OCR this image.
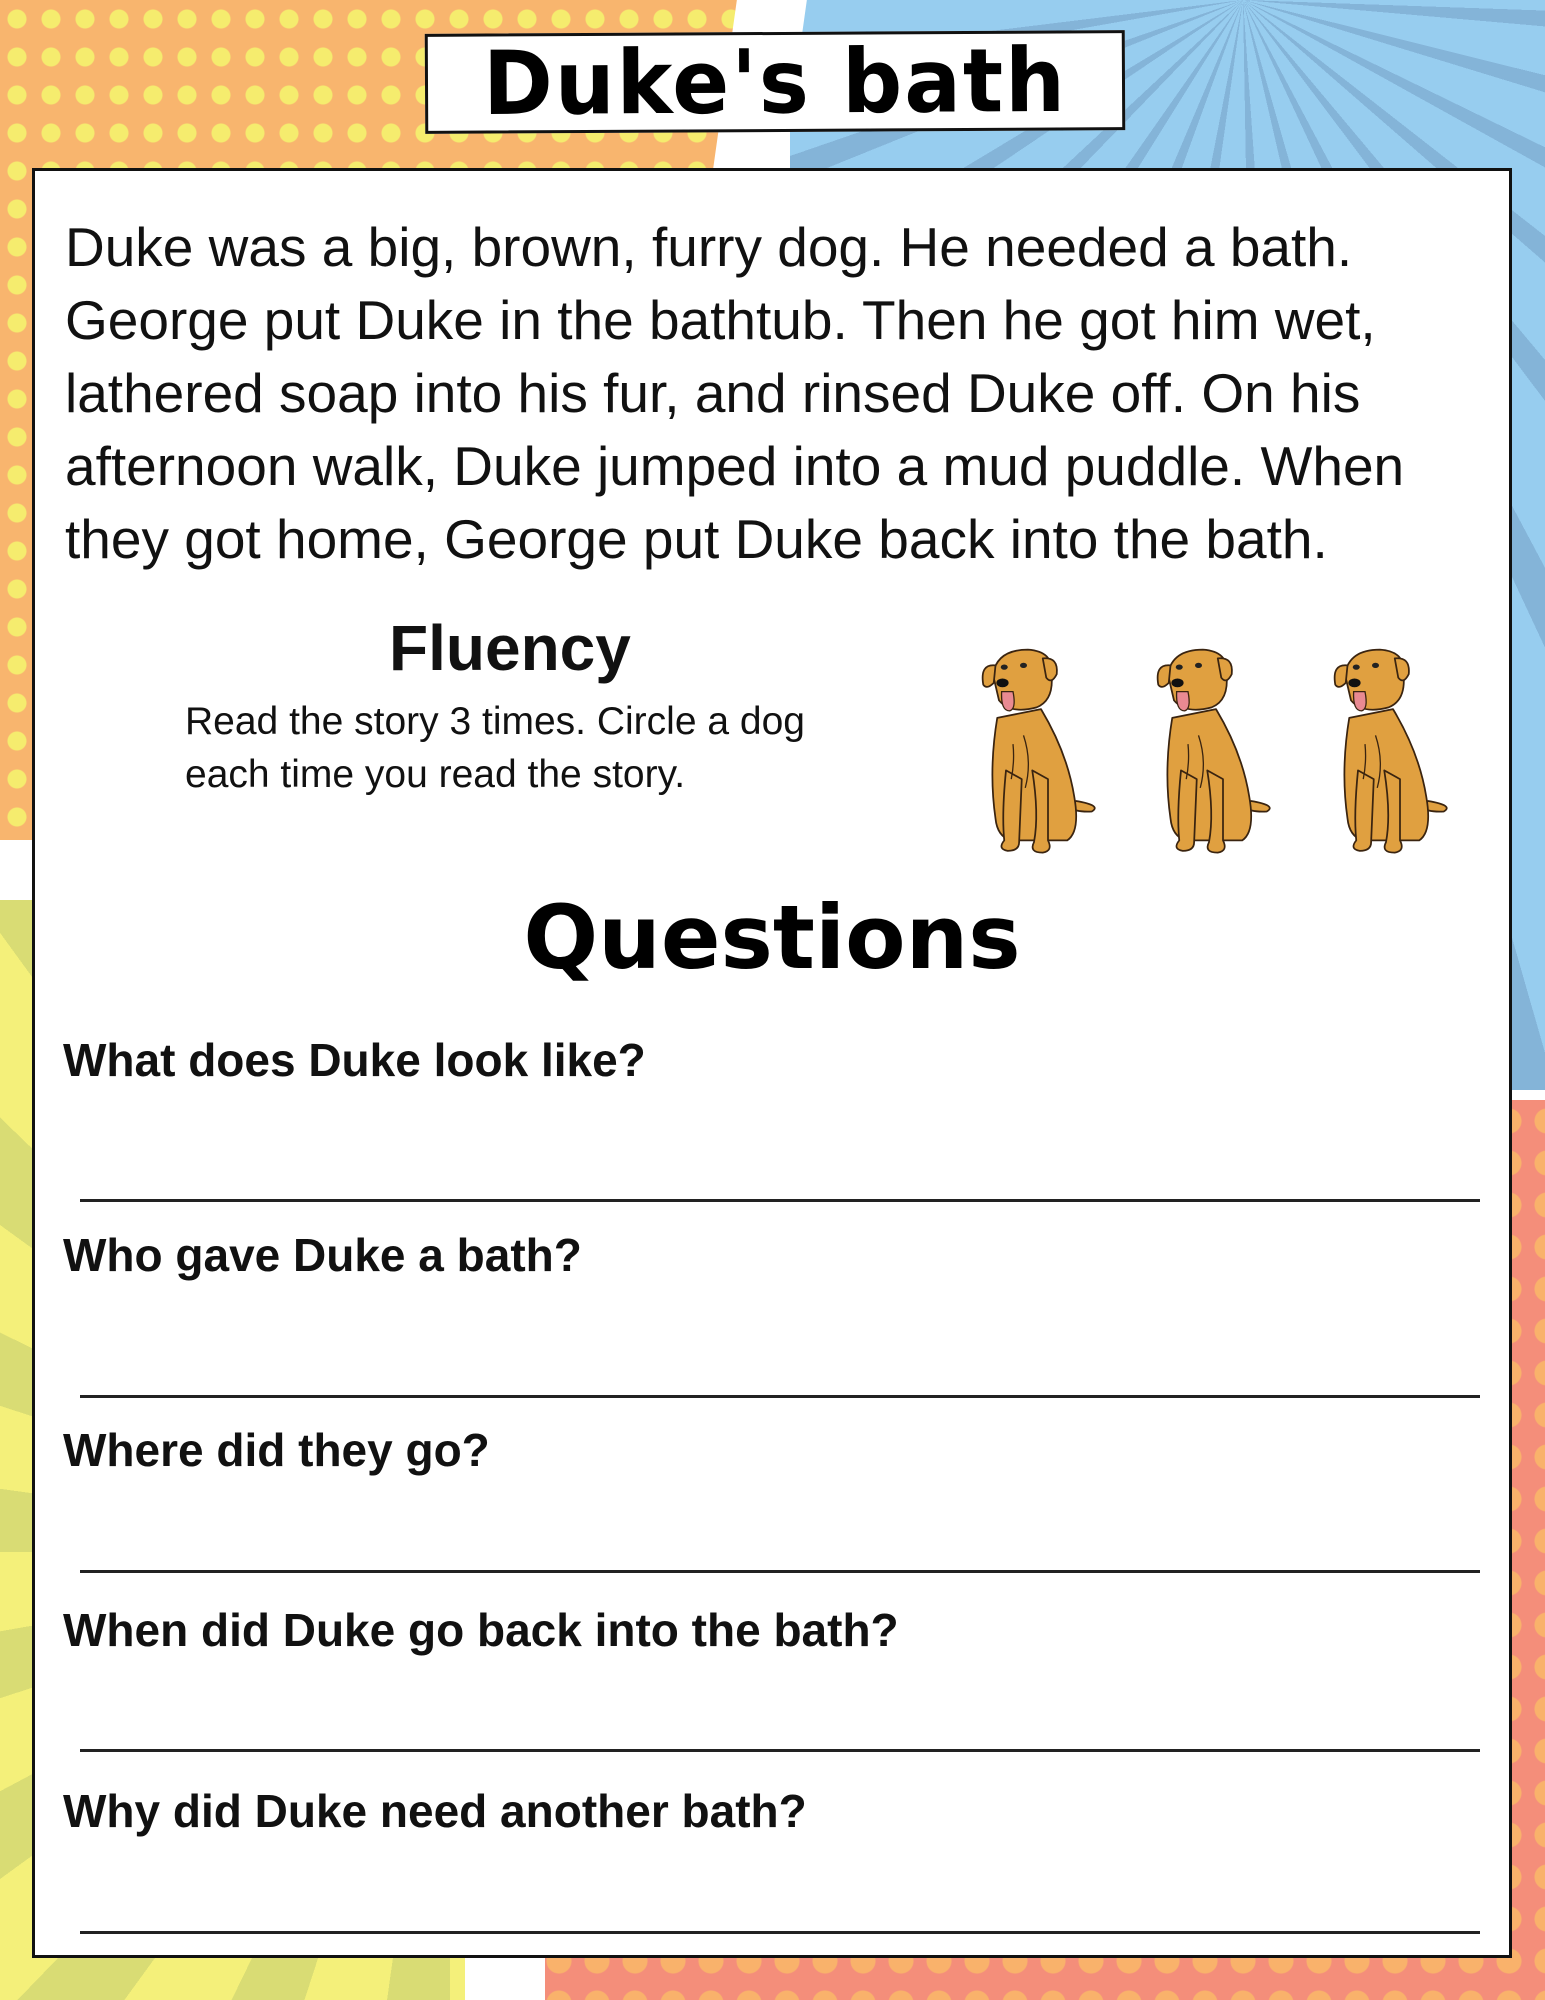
Duke's bath

Duke was a big, brown, furry dog. He needed a bath. George put Duke in the bathtub. Then he got him wet, lathered soap into his fur, and rinsed Duke off. On his afternoon walk, Duke jumped into a mud puddle. When they got home, George put Duke back into the bath.

Fluency
Read the story 3 times. Circle a dog each time you read the story.
Questions
What does Duke look like?
Who gave Duke a bath?
Where did they go?
When did Duke go back into the bath?
Why did Duke need another bath?
